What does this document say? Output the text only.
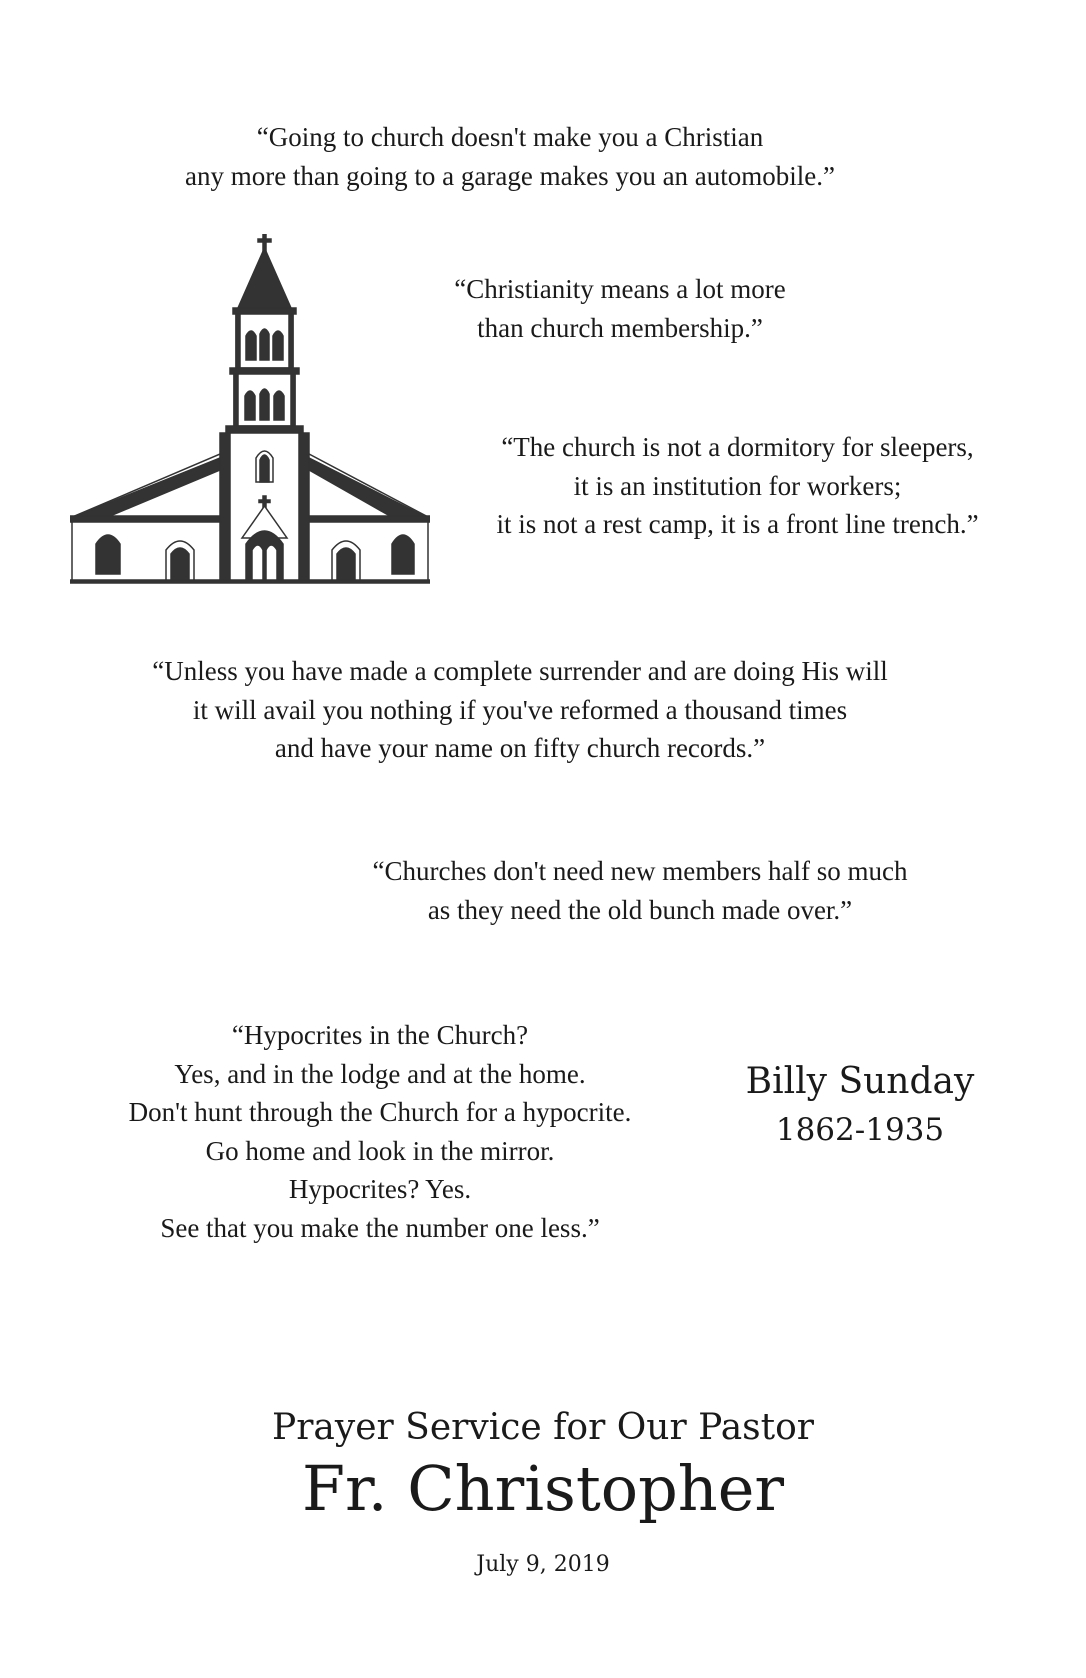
“Going to church doesn't make you a Christian
any more than going to a garage makes you an automobile.”

“Christianity means a lot more
than church membership.”

“The church is not a dormitory for sleepers,
it is an institution for workers;
it is not a rest camp, it is a front line trench.”

“Unless you have made a complete surrender and are doing His will
it will avail you nothing if you've reformed a thousand times
and have your name on fifty church records.”

“Churches don't need new members half so much
as they need the old bunch made over.”

“Hypocrites in the Church?
Yes, and in the lodge and at the home.
Don't hunt through the Church for a hypocrite.
Go home and look in the mirror.
Hypocrites? Yes.
See that you make the number one less.”

Billy Sunday
1862-1935
Prayer Service for Our Pastor
Fr. Christopher
July 9, 2019
